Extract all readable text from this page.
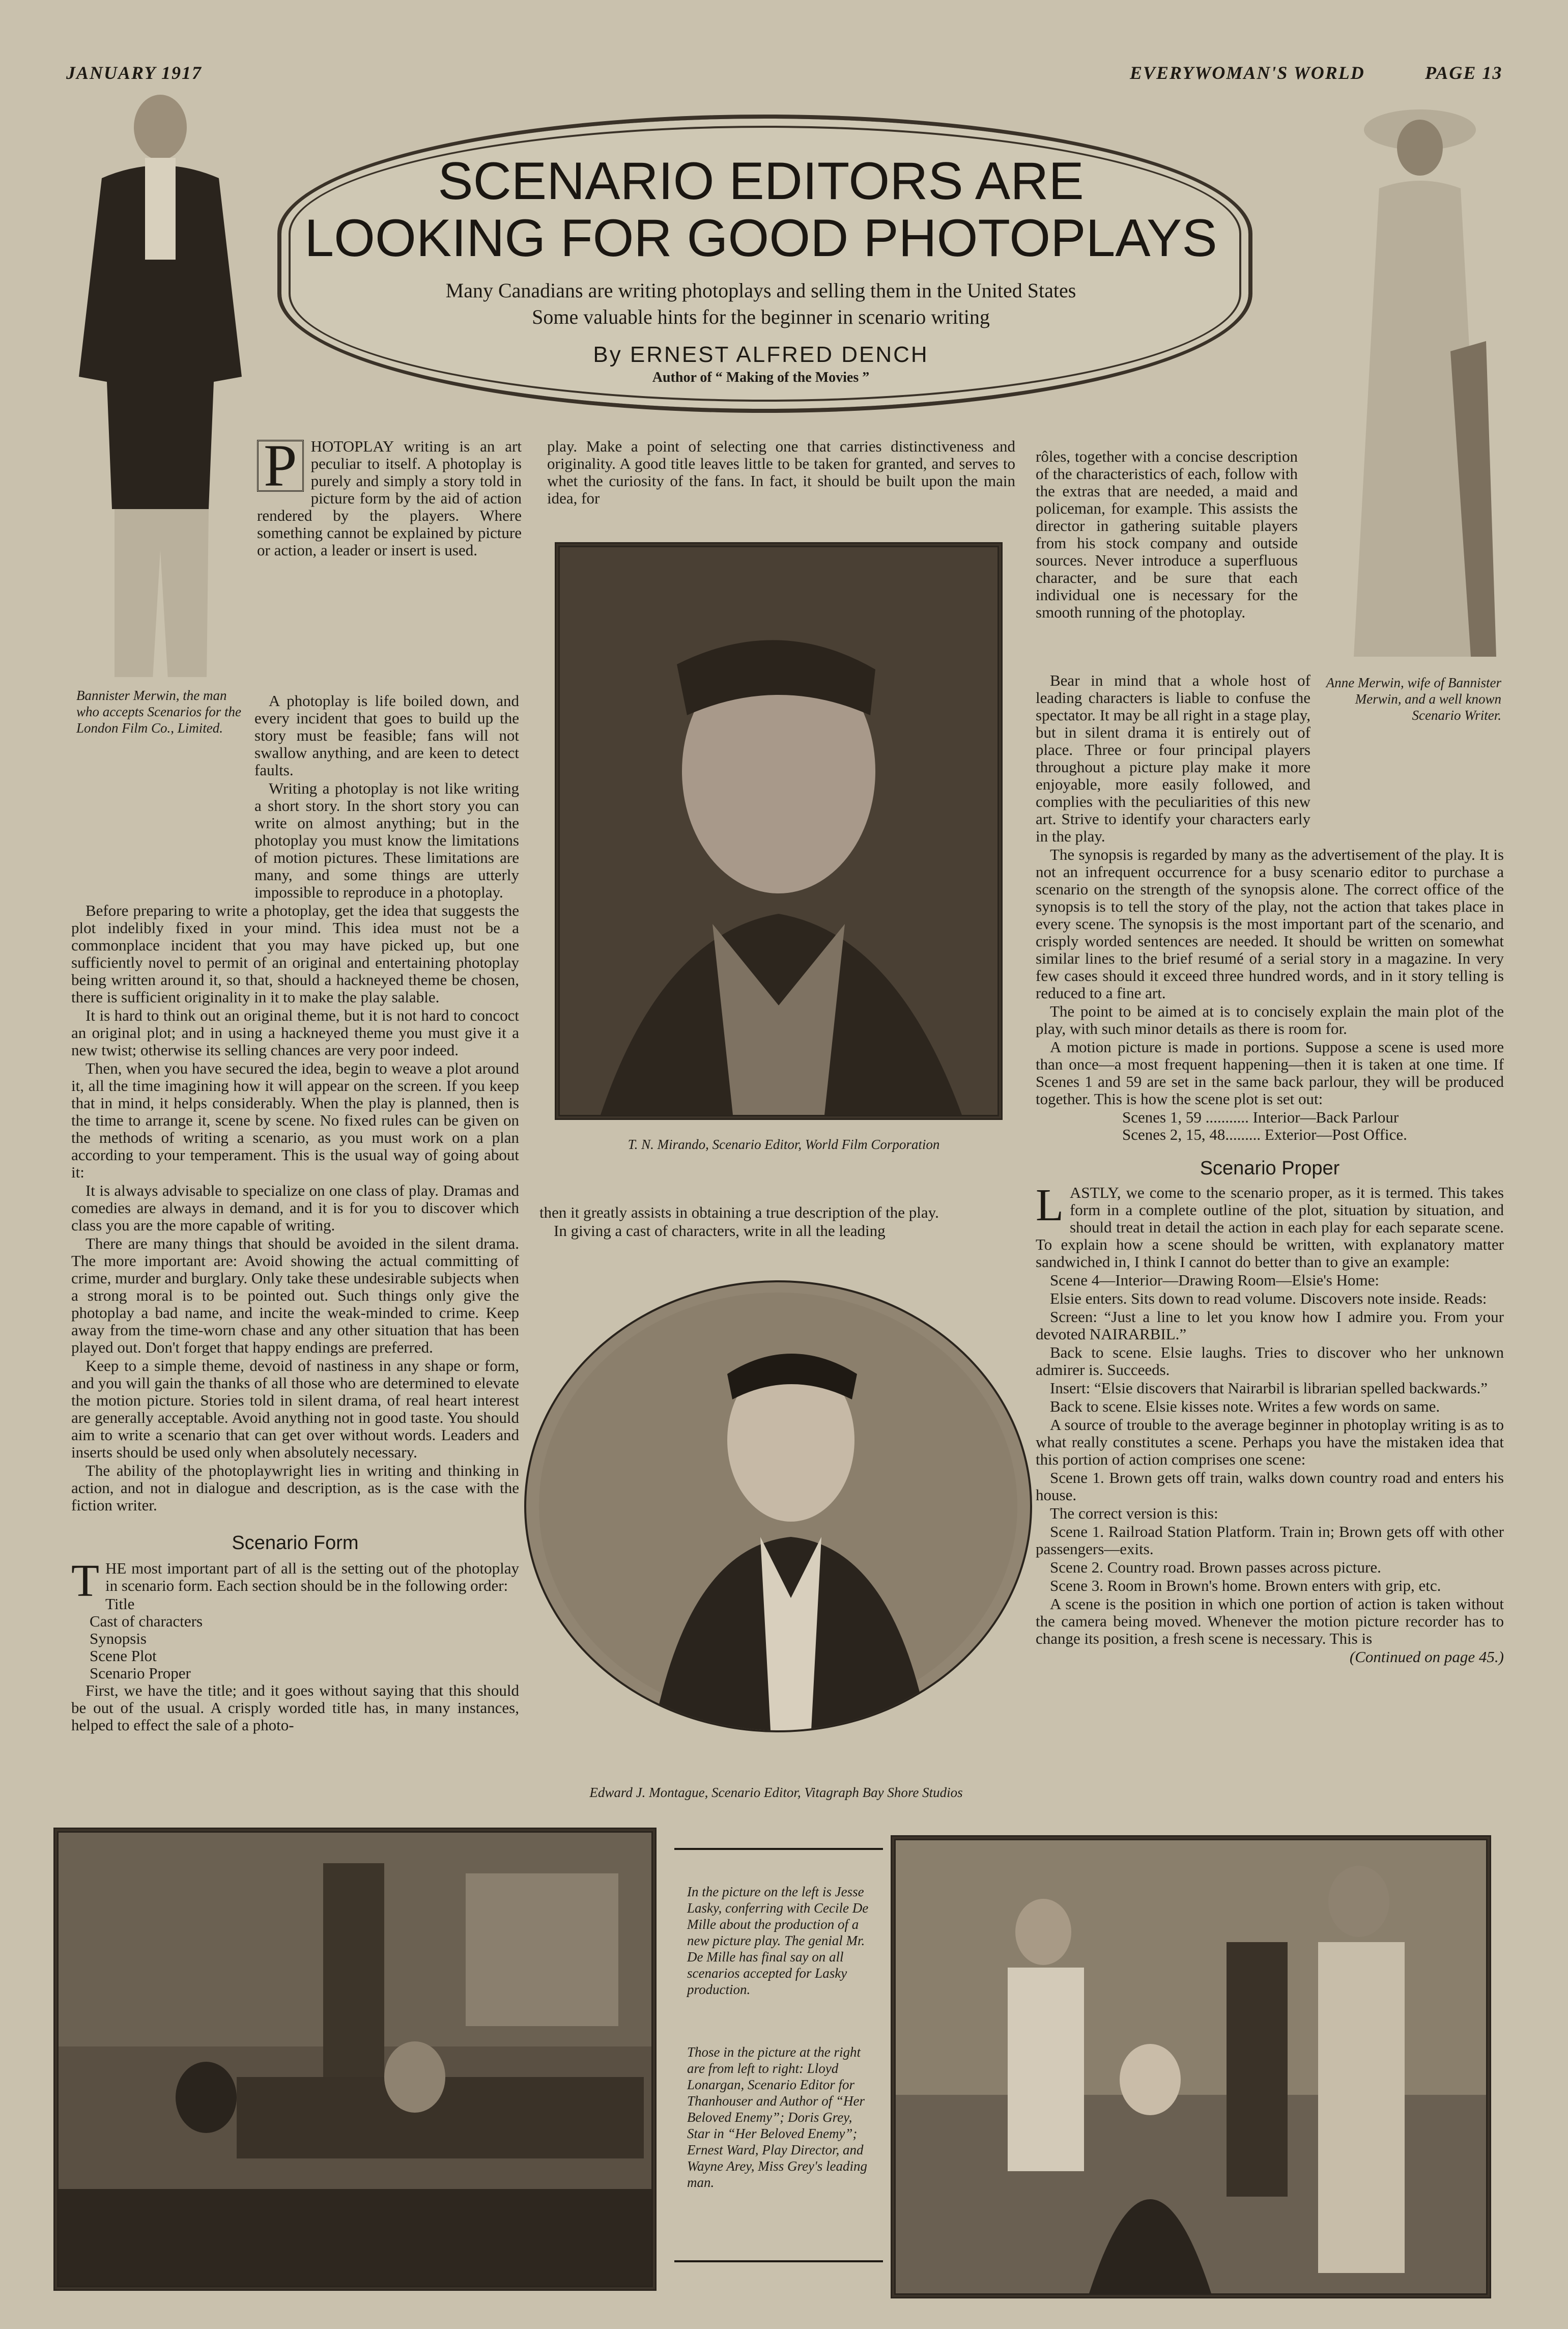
JANUARY 1917	EVERYWOMAN'S WORLD	PAGE 13
SCENARIO EDITORS ARE
LOOKING FOR GOOD PHOTOPLAYS
Many Canadians are writing photoplays and selling them in the United States
Some valuable hints for the beginner in scenario writing
By ERNEST ALFRED DENCH
Author of “ Making of the Movies ”
Bannister Merwin, the man who accepts Scenarios for the London Film Co., Limited.
Anne Merwin, wife of Bannister Merwin, and a well known Scenario Writer.
P HOTOPLAY writing is an art peculiar to itself. A photoplay is purely and simply a story told in picture form by the aid of action rendered by the players. Where something cannot be explained by picture or action, a leader or insert is used.

A photoplay is life boiled down, and every incident that goes to build up the story must be feasible; fans will not swallow anything, and are keen to detect faults.

Writing a photoplay is not like writing a short story. In the short story you can write on almost anything; but in the photoplay you must know the limitations of motion pictures. These limitations are many, and some things are utterly impossible to reproduce in a photoplay.

Before preparing to write a photoplay, get the idea that suggests the plot indelibly fixed in your mind. This idea must not be a commonplace incident that you may have picked up, but one sufficiently novel to permit of an original and entertaining photoplay being written around it, so that, should a hackneyed theme be chosen, there is sufficient originality in it to make the play salable.

It is hard to think out an original theme, but it is not hard to concoct an original plot; and in using a hackneyed theme you must give it a new twist; otherwise its selling chances are very poor indeed.

Then, when you have secured the idea, begin to weave a plot around it, all the time imagining how it will appear on the screen. If you keep that in mind, it helps considerably. When the play is planned, then is the time to arrange it, scene by scene. No fixed rules can be given on the methods of writing a scenario, as you must work on a plan according to your temperament. This is the usual way of going about it:

It is always advisable to specialize on one class of play. Dramas and comedies are always in demand, and it is for you to discover which class you are the more capable of writing.

There are many things that should be avoided in the silent drama. The more important are: Avoid showing the actual committing of crime, murder and burglary. Only take these undesirable subjects when a strong moral is to be pointed out. Such things only give the photoplay a bad name, and incite the weak-minded to crime. Keep away from the time-worn chase and any other situation that has been played out. Don't forget that happy endings are preferred.

Keep to a simple theme, devoid of nastiness in any shape or form, and you will gain the thanks of all those who are determined to elevate the motion picture. Stories told in silent drama, of real heart interest are generally acceptable. Avoid anything not in good taste. You should aim to write a scenario that can get over without words. Leaders and inserts should be used only when absolutely necessary.

The ability of the photoplaywright lies in writing and thinking in action, and not in dialogue and description, as is the case with the fiction writer.

Scenario Form
T HE most important part of all is the setting out of the photoplay in scenario form. Each section should be in the following order:

Title
Cast of characters
Synopsis
Scene Plot
Scenario Proper

First, we have the title; and it goes without saying that this should be out of the usual. A crisply worded title has, in many instances, helped to effect the sale of a photo-

play. Make a point of selecting one that carries distinctiveness and originality. A good title leaves little to be taken for granted, and serves to whet the curiosity of the fans. In fact, it should be built upon the main idea, for

T. N. Mirando, Scenario Editor, World Film Corporation

then it greatly assists in obtaining a true description of the play.

In giving a cast of characters, write in all the leading

Edward J. Montague, Scenario Editor, Vitagraph Bay Shore Studios

rôles, together with a concise description of the characteristics of each, follow with the extras that are needed, a maid and policeman, for example. This assists the director in gathering suitable players from his stock company and outside sources. Never introduce a superfluous character, and be sure that each individual one is necessary for the smooth running of the photoplay.

Bear in mind that a whole host of leading characters is liable to confuse the spectator. It may be all right in a stage play, but in silent drama it is entirely out of place. Three or four principal players throughout a picture play make it more enjoyable, more easily followed, and complies with the peculiarities of this new art. Strive to identify your characters early in the play.

The synopsis is regarded by many as the advertisement of the play. It is not an infrequent occurrence for a busy scenario editor to purchase a scenario on the strength of the synopsis alone. The correct office of the synopsis is to tell the story of the play, not the action that takes place in every scene. The synopsis is the most important part of the scenario, and crisply worded sentences are needed. It should be written on somewhat similar lines to the brief resumé of a serial story in a magazine. In very few cases should it exceed three hundred words, and in it story telling is reduced to a fine art.

The point to be aimed at is to concisely explain the main plot of the play, with such minor details as there is room for.

A motion picture is made in portions. Suppose a scene is used more than once—a most frequent happening—then it is taken at one time. If Scenes 1 and 59 are set in the same back parlour, they will be produced together. This is how the scene plot is set out:

Scenes 1, 59 ........... Interior—Back Parlour
Scenes 2, 15, 48......... Exterior—Post Office.
Scenario Proper
L ASTLY, we come to the scenario proper, as it is termed. This takes form in a complete outline of the plot, situation by situation, and should treat in detail the action in each play for each separate scene. To explain how a scene should be written, with explanatory matter sandwiched in, I think I cannot do better than to give an example:

Scene 4—Interior—Drawing Room—Elsie's Home:

Elsie enters. Sits down to read volume. Discovers note inside. Reads:

Screen: “Just a line to let you know how I admire you. From your devoted NAIRARBIL.”

Back to scene. Elsie laughs. Tries to discover who her unknown admirer is. Succeeds.

Insert: “Elsie discovers that Nairarbil is librarian spelled backwards.”

Back to scene. Elsie kisses note. Writes a few words on same.

A source of trouble to the average beginner in photoplay writing is as to what really constitutes a scene. Perhaps you have the mistaken idea that this portion of action comprises one scene:

Scene 1. Brown gets off train, walks down country road and enters his house.

The correct version is this:

Scene 1. Railroad Station Platform. Train in; Brown gets off with other passengers—exits.

Scene 2. Country road. Brown passes across picture.

Scene 3. Room in Brown's home. Brown enters with grip, etc.

A scene is the position in which one portion of action is taken without the camera being moved. Whenever the motion picture recorder has to change its position, a fresh scene is necessary. This is

(Continued on page 45.)
In the picture on the left is Jesse Lasky, conferring with Cecile De Mille about the production of a new picture play. The genial Mr. De Mille has final say on all scenarios accepted for Lasky production.
Those in the picture at the right are from left to right: Lloyd Lonargan, Scenario Editor for Thanhouser and Author of “Her Beloved Enemy”; Doris Grey, Star in “Her Beloved Enemy”; Ernest Ward, Play Director, and Wayne Arey, Miss Grey's leading man.
